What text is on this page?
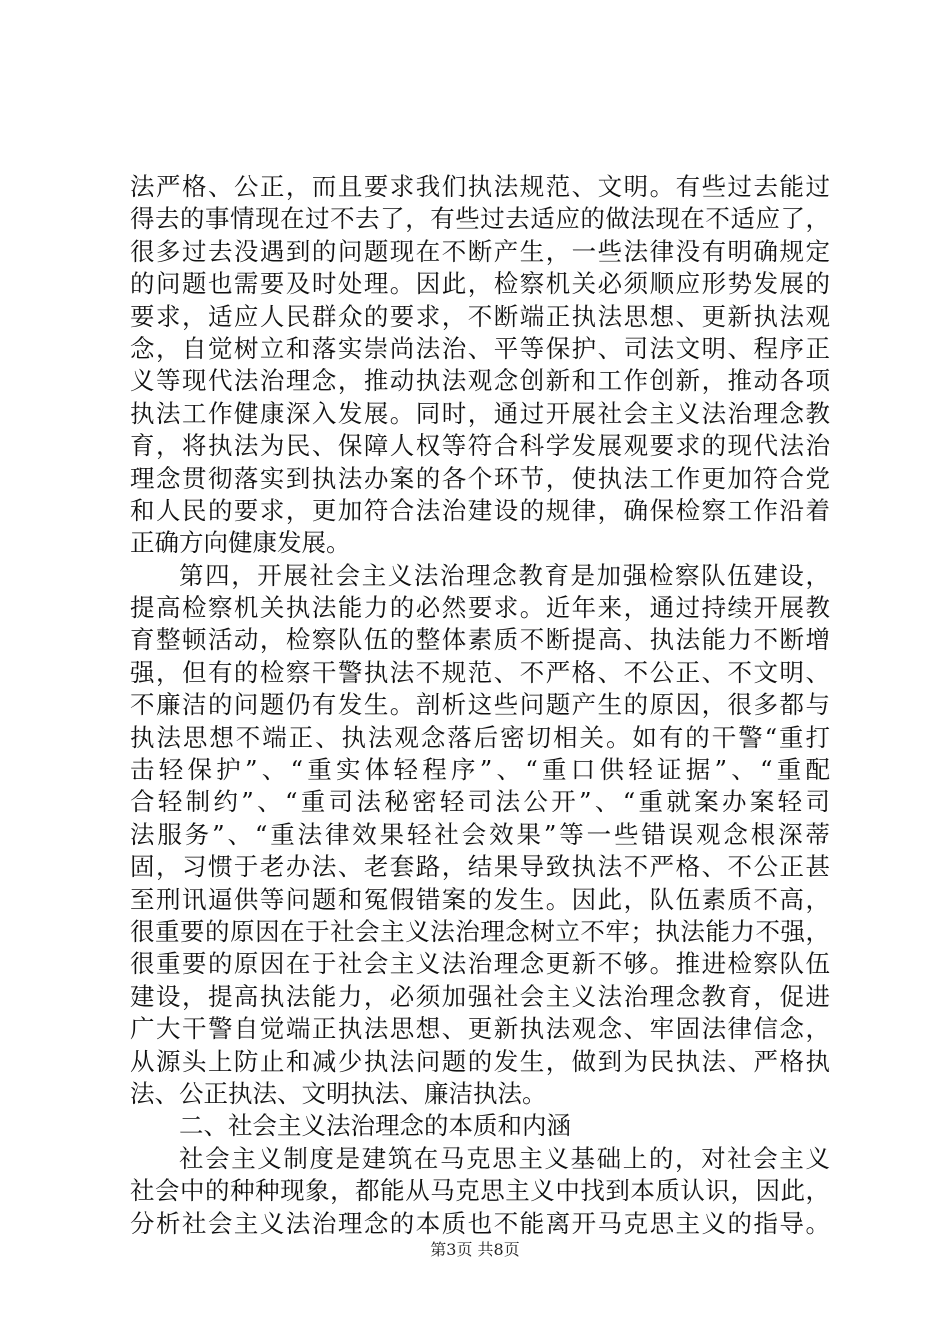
法严格、公正，而且要求我们执法规范、文明。有些过去能过
得去的事情现在过不去了，有些过去适应的做法现在不适应了，
很多过去没遇到的问题现在不断产生，一些法律没有明确规定
的问题也需要及时处理。因此，检察机关必须顺应形势发展的
要求，适应人民群众的要求，不断端正执法思想、更新执法观
念，自觉树立和落实崇尚法治、平等保护、司法文明、程序正
义等现代法治理念，推动执法观念创新和工作创新，推动各项
执法工作健康深入发展。同时，通过开展社会主义法治理念教
育，将执法为民、保障人权等符合科学发展观要求的现代法治
理念贯彻落实到执法办案的各个环节，使执法工作更加符合党
和人民的要求，更加符合法治建设的规律，确保检察工作沿着
正确方向健康发展。
第四，开展社会主义法治理念教育是加强检察队伍建设，
提高检察机关执法能力的必然要求。近年来，通过持续开展教
育整顿活动，检察队伍的整体素质不断提高、执法能力不断增
强，但有的检察干警执法不规范、不严格、不公正、不文明、
不廉洁的问题仍有发生。剖析这些问题产生的原因，很多都与
执法思想不端正、执法观念落后密切相关。如有的干警“重打
击轻保护”、“重实体轻程序”、“重口供轻证据”、“重配
合轻制约”、“重司法秘密轻司法公开”、“重就案办案轻司
法服务”、“重法律效果轻社会效果”等一些错误观念根深蒂
固，习惯于老办法、老套路，结果导致执法不严格、不公正甚
至刑讯逼供等问题和冤假错案的发生。因此，队伍素质不高，
很重要的原因在于社会主义法治理念树立不牢；执法能力不强，
很重要的原因在于社会主义法治理念更新不够。推进检察队伍
建设，提高执法能力，必须加强社会主义法治理念教育，促进
广大干警自觉端正执法思想、更新执法观念、牢固法律信念，
从源头上防止和减少执法问题的发生，做到为民执法、严格执
法、公正执法、文明执法、廉洁执法。
二、社会主义法治理念的本质和内涵
社会主义制度是建筑在马克思主义基础上的，对社会主义
社会中的种种现象，都能从马克思主义中找到本质认识，因此，
分析社会主义法治理念的本质也不能离开马克思主义的指导。
第3页 共8页
